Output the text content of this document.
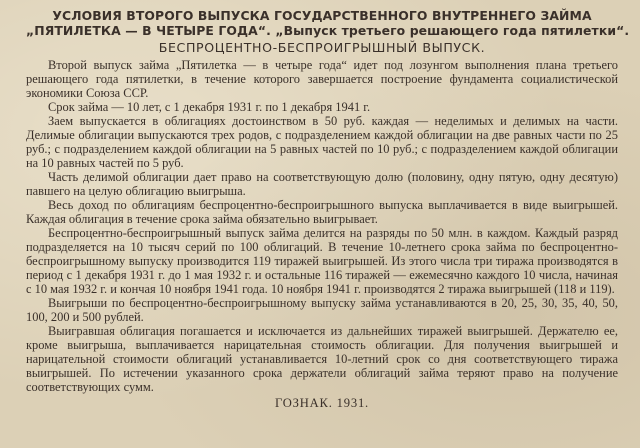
УСЛОВИЯ ВТОРОГО ВЫПУСКА ГОСУДАРСТВЕННОГО ВНУТРЕННЕГО ЗАЙМА
„ПЯТИЛЕТКА — В ЧЕТЫРЕ ГОДА“. „Выпуск третьего решающего года пятилетки“.
БЕСПРОЦЕНТНО-БЕСПРОИГРЫШНЫЙ ВЫПУСК.

Второй выпуск займа „Пятилетка — в четыре года“ идет под лозунгом выполнения плана третьего решающего года пятилетки, в течение которого завершается построение фундамента социалистической экономики Союза ССР.

Срок займа — 10 лет, с 1 декабря 1931 г. по 1 декабря 1941 г.

Заем выпускается в облигациях достоинством в 50 руб. каждая — неделимых и делимых на части. Делимые облигации выпускаются трех родов, с подразделением каждой облигации на две равных части по 25 руб.; с подразделением каждой облигации на 5 равных частей по 10 руб.; с подразделением каждой облигации на 10 равных частей по 5 руб.

Часть делимой облигации дает право на соответствующую долю (половину, одну пятую, одну десятую) павшего на целую облигацию выигрыша.

Весь доход по облигациям беспроцентно-беспроигрышного выпуска выплачивается в виде выигрышей. Каждая облигация в течение срока займа обязательно выигрывает.

Беспроцентно-беспроигрышный выпуск займа делится на разряды по 50 млн. в каждом. Каждый разряд подразделяется на 10 тысяч серий по 100 облигаций. В течение 10-летнего срока займа по беспроцентно-беспроигрышному выпуску производится 119 тиражей выигрышей. Из этого числа три тиража производятся в период с 1 декабря 1931 г. до 1 мая 1932 г. и остальные 116 тиражей — ежемесячно каждого 10 числа, начиная с 10 мая 1932 г. и кончая 10 ноября 1941 года. 10 ноября 1941 г. производятся 2 тиража выигрышей (118 и 119).

Выигрыши по беспроцентно-беспроигрышному выпуску займа устанавливаются в 20, 25, 30, 35, 40, 50, 100, 200 и 500 рублей.

Выигравшая облигация погашается и исключается из дальнейших тиражей выигрышей. Держателю ее, кроме выигрыша, выплачивается нарицательная стоимость облигации. Для получения выигрышей и нарицательной стоимости облигаций устанавливается 10-летний срок со дня соответствующего тиража выигрышей. По истечении указанного срока держатели облигаций займа теряют право на получение соответствующих сумм.

ГОЗНАК. 1931.
